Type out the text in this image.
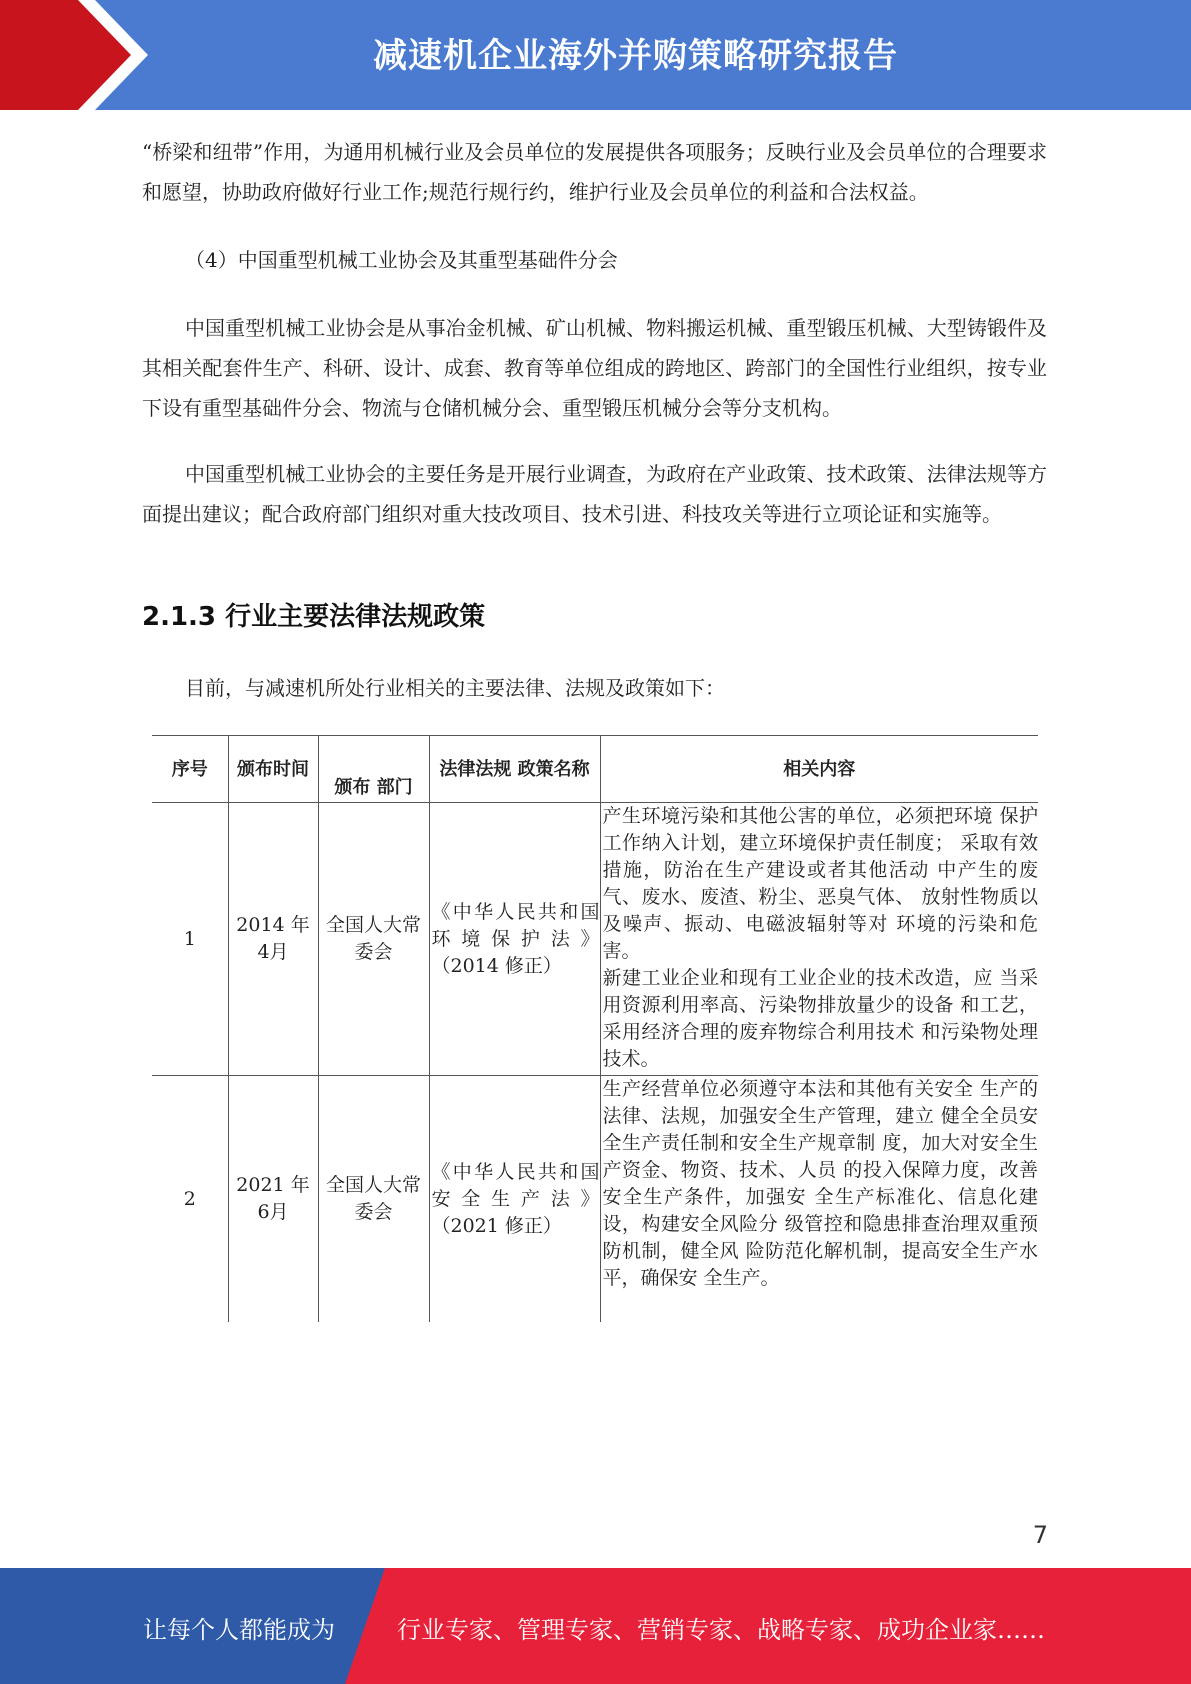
减速机企业海外并购策略研究报告

“桥梁和纽带”作用，为通用机械行业及会员单位的发展提供各项服务；反映行业及会员单位的合理要求和愿望，协助政府做好行业工作;规范行规行约，维护行业及会员单位的利益和合法权益。

（4）中国重型机械工业协会及其重型基础件分会

中国重型机械工业协会是从事冶金机械、矿山机械、物料搬运机械、重型锻压机械、大型铸锻件及其相关配套件生产、科研、设计、成套、教育等单位组成的跨地区、跨部门的全国性行业组织，按专业下设有重型基础件分会、物流与仓储机械分会、重型锻压机械分会等分支机构。

中国重型机械工业协会的主要任务是开展行业调查，为政府在产业政策、技术政策、法律法规等方面提出建议；配合政府部门组织对重大技改项目、技术引进、科技攻关等进行立项论证和实施等。

2.1.3 行业主要法律法规政策

目前，与减速机所处行业相关的主要法律、法规及政策如下：

序号	颁布时间	颁布 部门	法律法规 政策名称	相关内容
1	2014 年 4月	全国人大常委会	《中华人民共和国环境保护法》（2014 修正）	产生环境污染和其他公害的单位，必须把环境 保护工作纳入计划，建立环境保护责任制度； 采取有效措施，防治在生产建设或者其他活动 中产生的废气、废水、废渣、粉尘、恶臭气体、 放射性物质以及噪声、振动、电磁波辐射等对 环境的污染和危害。
新建工业企业和现有工业企业的技术改造，应 当采用资源利用率高、污染物排放量少的设备 和工艺，采用经济合理的废弃物综合利用技术 和污染物处理技术。

2	2021 年 6月	全国人大常委会	《中华人民共和国安全生产法》（2021 修正）	生产经营单位必须遵守本法和其他有关安全 生产的法律、法规，加强安全生产管理，建立 健全全员安全生产责任制和安全生产规章制 度，加大对安全生产资金、物资、技术、人员 的投入保障力度，改善安全生产条件，加强安 全生产标准化、信息化建设，构建安全风险分 级管控和隐患排查治理双重预防机制，健全风 险防范化解机制，提高安全生产水平，确保安 全生产。
7
让每个人都能成为	行业专家、管理专家、营销专家、战略专家、成功企业家……
